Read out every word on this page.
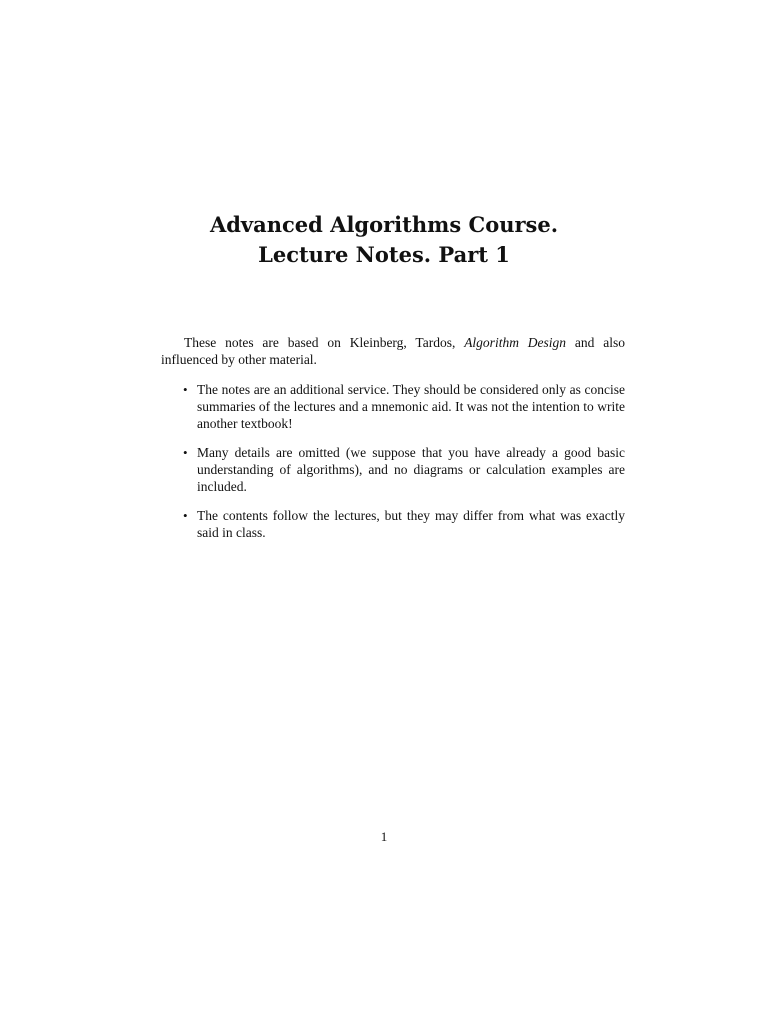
Advanced Algorithms Course.

Lecture Notes. Part 1

These notes are based on Kleinberg, Tardos, Algorithm Design and also influenced by other material.

• The notes are an additional service. They should be considered only as concise summaries of the lectures and a mnemonic aid. It was not the intention to write another textbook!
• Many details are omitted (we suppose that you have already a good basic understanding of algorithms), and no diagrams or calculation examples are included.
• The contents follow the lectures, but they may differ from what was exactly said in class.
1
